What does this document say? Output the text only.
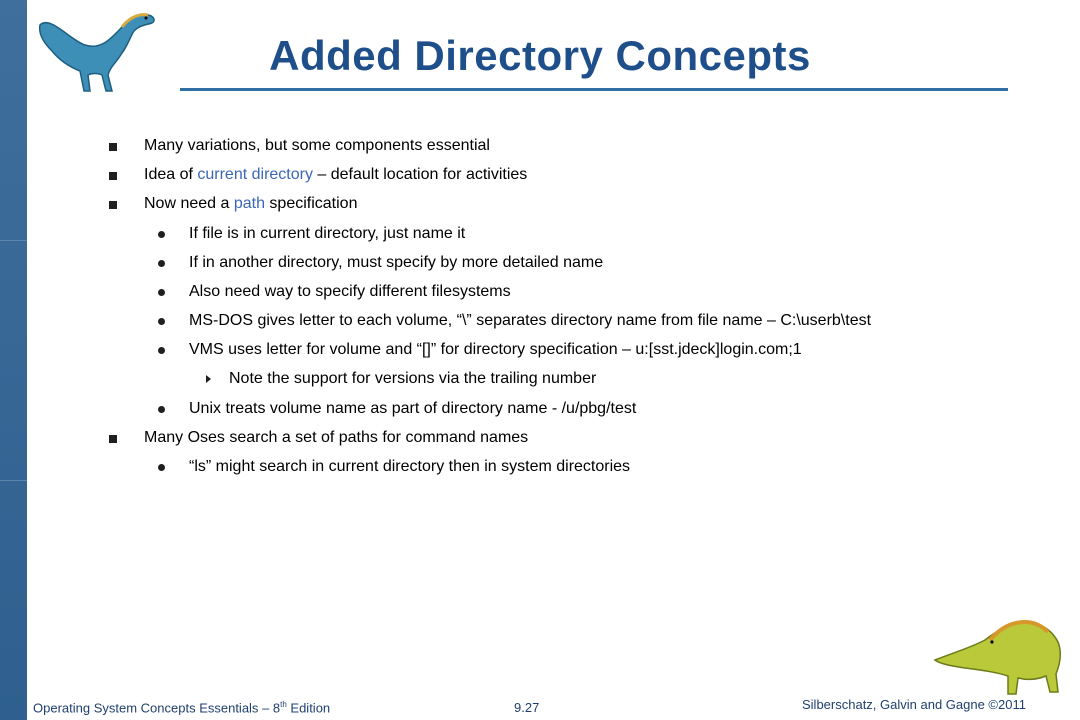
Added Directory Concepts
Many variations, but some components essential
Idea of current directory – default location for activities
Now need a path specification
If file is in current directory, just name it
If in another directory, must specify by more detailed name
Also need way to specify different filesystems
MS-DOS gives letter to each volume, “\” separates directory name from file name – C:\userb\test
VMS uses letter for volume and “[]” for directory specification – u:[sst.jdeck]login.com;1
Note the support for versions via the trailing number
Unix treats volume name as part of directory name - /u/pbg/test
Many Oses search a set of paths for command names
“ls” might search in current directory then in system directories
Operating System Concepts Essentials – 8th Edition	9.27	Silberschatz, Galvin and Gagne ©2011
